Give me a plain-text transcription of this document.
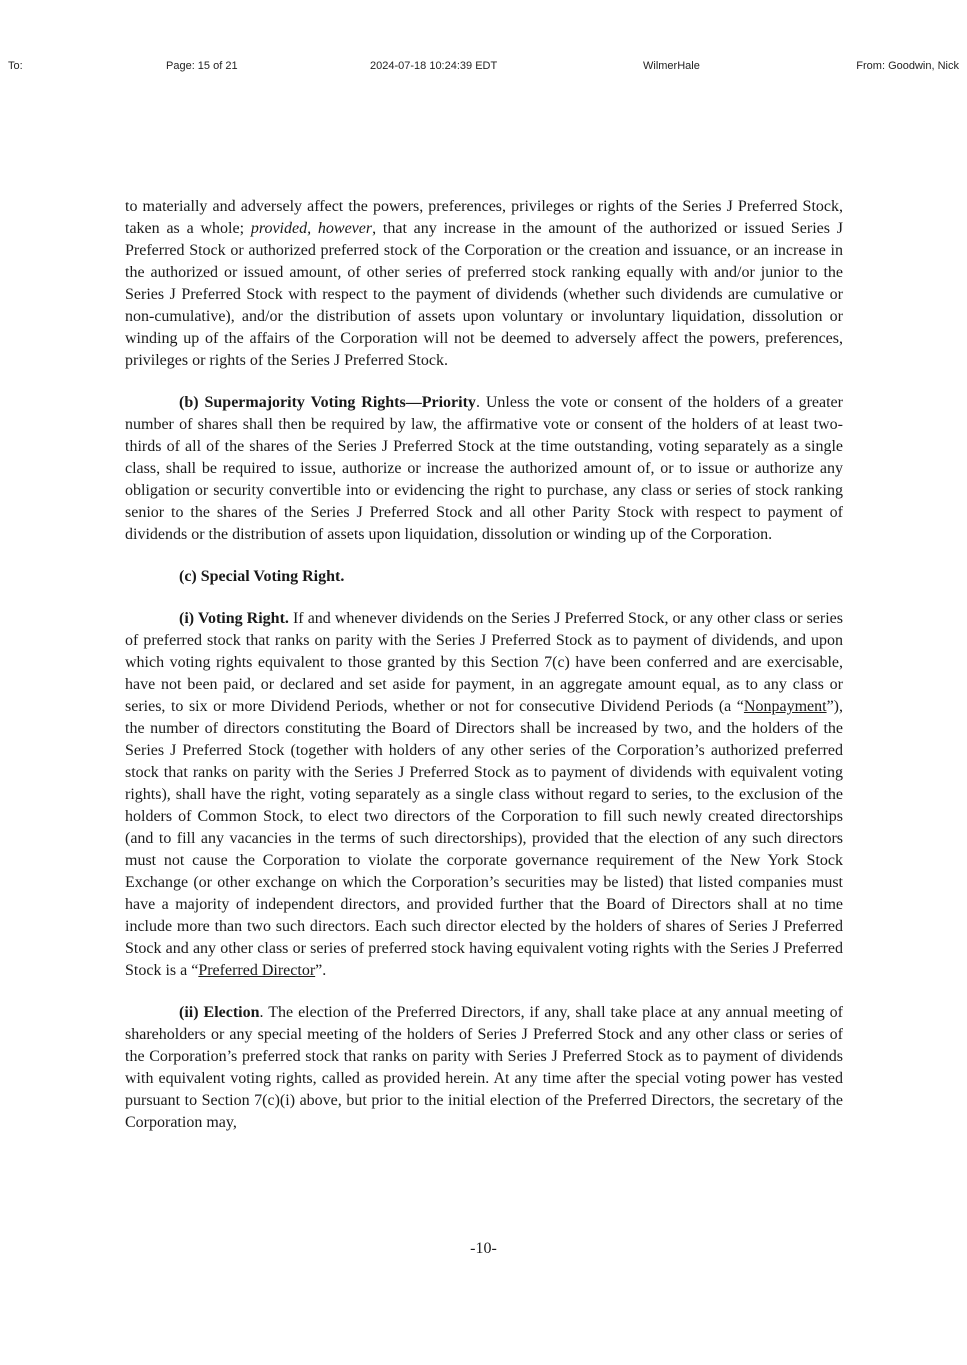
To:	Page: 15 of 21	2024-07-18 10:24:39 EDT	WilmerHale	From: Goodwin, Nick

to materially and adversely affect the powers, preferences, privileges or rights of the Series J Preferred Stock, taken as a whole; provided, however, that any increase in the amount of the authorized or issued Series J Preferred Stock or authorized preferred stock of the Corporation or the creation and issuance, or an increase in the authorized or issued amount, of other series of preferred stock ranking equally with and/or junior to the Series J Preferred Stock with respect to the payment of dividends (whether such dividends are cumulative or non-cumulative), and/or the distribution of assets upon voluntary or involuntary liquidation, dissolution or winding up of the affairs of the Corporation will not be deemed to adversely affect the powers, preferences, privileges or rights of the Series J Preferred Stock.

(b) Supermajority Voting Rights—Priority. Unless the vote or consent of the holders of a greater number of shares shall then be required by law, the affirmative vote or consent of the holders of at least two-thirds of all of the shares of the Series J Preferred Stock at the time outstanding, voting separately as a single class, shall be required to issue, authorize or increase the authorized amount of, or to issue or authorize any obligation or security convertible into or evidencing the right to purchase, any class or series of stock ranking senior to the shares of the Series J Preferred Stock and all other Parity Stock with respect to payment of dividends or the distribution of assets upon liquidation, dissolution or winding up of the Corporation.

(c) Special Voting Right.

(i) Voting Right. If and whenever dividends on the Series J Preferred Stock, or any other class or series of preferred stock that ranks on parity with the Series J Preferred Stock as to payment of dividends, and upon which voting rights equivalent to those granted by this Section 7(c) have been conferred and are exercisable, have not been paid, or declared and set aside for payment, in an aggregate amount equal, as to any class or series, to six or more Dividend Periods, whether or not for consecutive Dividend Periods (a “Nonpayment”), the number of directors constituting the Board of Directors shall be increased by two, and the holders of the Series J Preferred Stock (together with holders of any other series of the Corporation’s authorized preferred stock that ranks on parity with the Series J Preferred Stock as to payment of dividends with equivalent voting rights), shall have the right, voting separately as a single class without regard to series, to the exclusion of the holders of Common Stock, to elect two directors of the Corporation to fill such newly created directorships (and to fill any vacancies in the terms of such directorships), provided that the election of any such directors must not cause the Corporation to violate the corporate governance requirement of the New York Stock Exchange (or other exchange on which the Corporation’s securities may be listed) that listed companies must have a majority of independent directors, and provided further that the Board of Directors shall at no time include more than two such directors. Each such director elected by the holders of shares of Series J Preferred Stock and any other class or series of preferred stock having equivalent voting rights with the Series J Preferred Stock is a “Preferred Director”.

(ii) Election. The election of the Preferred Directors, if any, shall take place at any annual meeting of shareholders or any special meeting of the holders of Series J Preferred Stock and any other class or series of the Corporation’s preferred stock that ranks on parity with Series J Preferred Stock as to payment of dividends with equivalent voting rights, called as provided herein. At any time after the special voting power has vested pursuant to Section 7(c)(i) above, but prior to the initial election of the Preferred Directors, the secretary of the Corporation may,

-10-
